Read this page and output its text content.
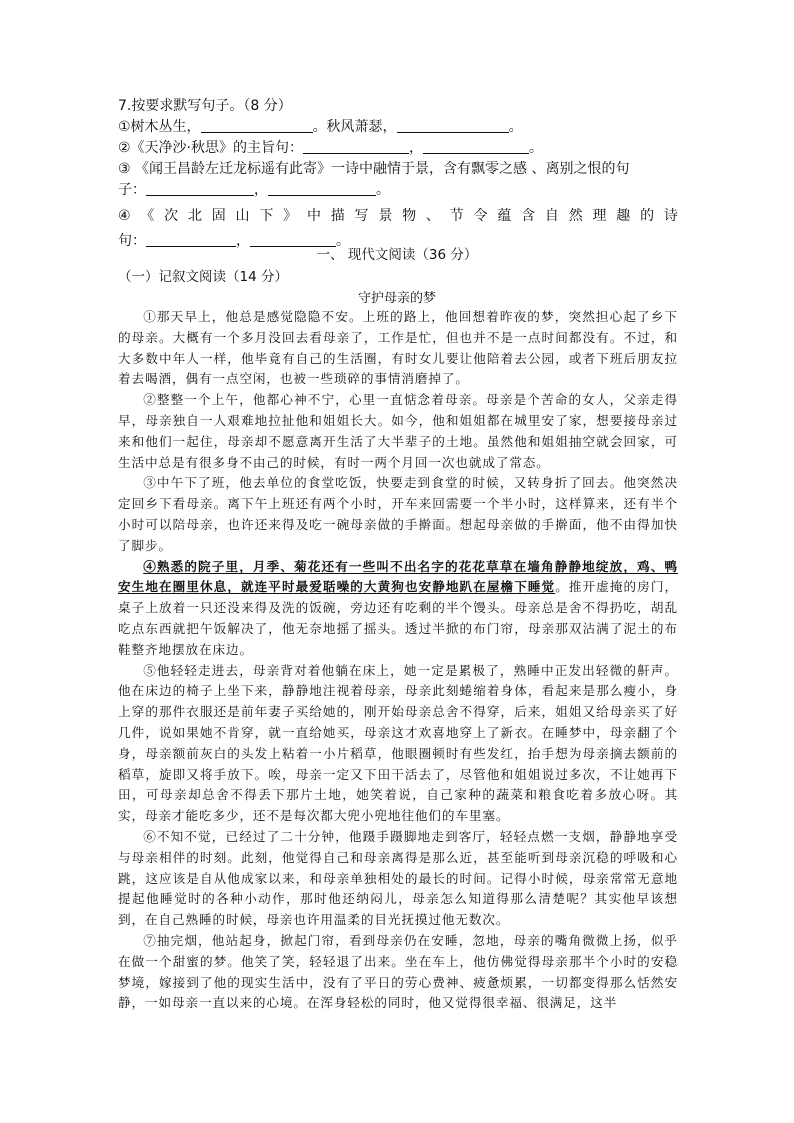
7.按要求默写句子。（8 分）
①树木丛生，	。秋风萧瑟，	。
②《天净沙·秋思》的主旨句：	，	。
③ 《闻王昌龄左迁龙标遥有此寄》一诗中融情于景，含有飘零之感 、离别之恨的句
子：	，	。
④ 《 次 北 固 山 下 》 中 描 写 景 物 、 节 令 蕴 含 自 然 理 趣 的 诗
句：	，	。
一、 现代文阅读（36 分）
（一）记叙文阅读（14 分）
守护母亲的梦

①那天早上，他总是感觉隐隐不安。上班的路上，他回想着昨夜的梦，突然担心起了乡下的母亲。大概有一个多月没回去看母亲了，工作是忙，但也并不是一点时间都没有。不过，和大多数中年人一样，他毕竟有自己的生活圈，有时女儿要让他陪着去公园，或者下班后朋友拉着去喝酒，偶有一点空闲，也被一些琐碎的事情消磨掉了。

②整整一个上午，他都心神不宁，心里一直惦念着母亲。母亲是个苦命的女人，父亲走得早，母亲独自一人艰难地拉扯他和姐姐长大。如今，他和姐姐都在城里安了家，想要接母亲过来和他们一起住，母亲却不愿意离开生活了大半辈子的土地。虽然他和姐姐抽空就会回家，可生活中总是有很多身不由己的时候，有时一两个月回一次也就成了常态。

③中午下了班，他去单位的食堂吃饭，快要走到食堂的时候，又转身折了回去。他突然决定回乡下看母亲。离下午上班还有两个小时，开车来回需要一个半小时，这样算来，还有半个小时可以陪母亲，也许还来得及吃一碗母亲做的手擀面。想起母亲做的手擀面，他不由得加快了脚步。

④熟悉的院子里，月季、菊花还有一些叫不出名字的花花草草在墙角静静地绽放，鸡、鸭安生地在圈里休息，就连平时最爱聒噪的大黄狗也安静地趴在屋檐下睡觉。推开虚掩的房门，桌子上放着一只还没来得及洗的饭碗，旁边还有吃剩的半个馒头。母亲总是舍不得扔吃，胡乱吃点东西就把午饭解决了，他无奈地摇了摇头。透过半掀的布门帘，母亲那双沾满了泥土的布鞋整齐地摆放在床边。

⑤他轻轻走进去，母亲背对着他躺在床上，她一定是累极了，熟睡中正发出轻微的鼾声。他在床边的椅子上坐下来，静静地注视着母亲，母亲此刻蜷缩着身体，看起来是那么瘦小，身上穿的那件衣服还是前年妻子买给她的，刚开始母亲总舍不得穿，后来，姐姐又给母亲买了好几件，说如果她不肯穿，就一直给她买，母亲这才欢喜地穿上了新衣。在睡梦中，母亲翻了个身，母亲额前灰白的头发上粘着一小片稻草，他眼圈顿时有些发红，抬手想为母亲摘去额前的稻草，旋即又将手放下。唉，母亲一定又下田干活去了，尽管他和姐姐说过多次，不让她再下田，可母亲却总舍不得丢下那片土地，她笑着说，自己家种的蔬菜和粮食吃着多放心呀。其实，母亲才能吃多少，还不是每次都大兜小兜地往他们的车里塞。

⑥不知不觉，已经过了二十分钟，他蹑手蹑脚地走到客厅，轻轻点燃一支烟，静静地享受与母亲相伴的时刻。此刻，他觉得自己和母亲离得是那么近，甚至能听到母亲沉稳的呼吸和心跳，这应该是自从他成家以来，和母亲单独相处的最长的时间。记得小时候，母亲常常无意地提起他睡觉时的各种小动作，那时他还纳闷儿，母亲怎么知道得那么清楚呢？其实他早该想到，在自己熟睡的时候，母亲也许用温柔的目光抚摸过他无数次。

⑦抽完烟，他站起身，掀起门帘，看到母亲仍在安睡，忽地，母亲的嘴角微微上扬，似乎在做一个甜蜜的梦。他笑了笑，轻轻退了出来。坐在车上，他仿佛觉得母亲那半个小时的安稳梦境，嫁接到了他的现实生活中，没有了平日的劳心费神、疲惫烦累，一切都变得那么恬然安静，一如母亲一直以来的心境。在浑身轻松的同时，他又觉得很幸福、很满足，这半
